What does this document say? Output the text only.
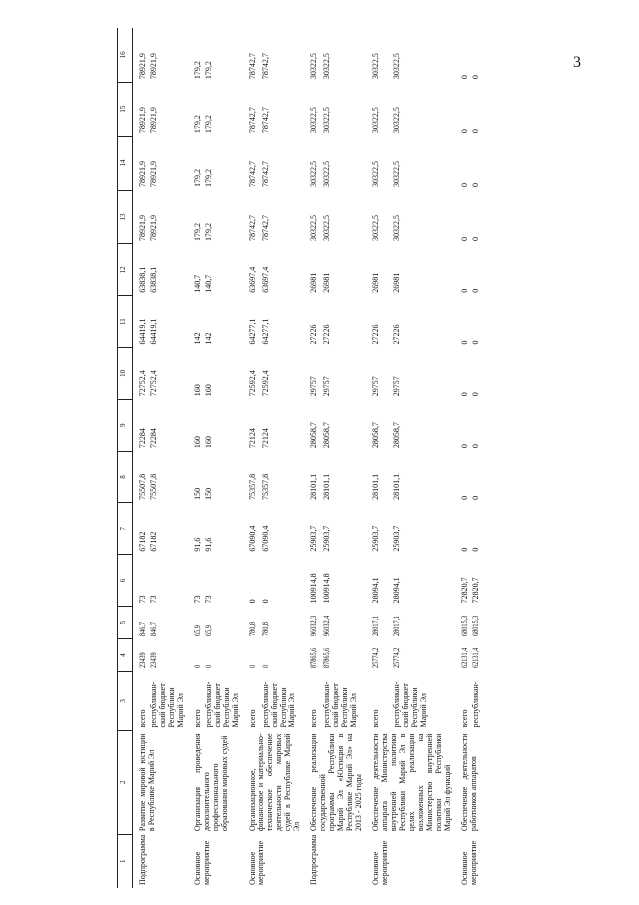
3
1	2	3	4	5	6	7	8	9	10	11	12	13	14	15	16
Подпрограмма	Развитие мировой юстиции в Республике Марий Эл	всего	23439	846,7	73	67182	75507,8	72284	72752,4	64419,1	63838,1	78921,9	78921,9	78921,9	78921,9
		республикан-ский бюджет Республики Марий Эл	23439	846,7	73	67182	75507,8	72284	72752,4	64419,1	63838,1	78921,9	78921,9	78921,9	78921,9
Основное мероприятие	Организация проведения дополнительного профессионального образования мировых судей	всего	0	65,9	73	91,6	150	160	160	142	140,7	179,2	179,2	179,2	179,2
		республикан-ский бюджет Республики Марий Эл	0	65,9	73	91,6	150	160	160	142	140,7	179,2	179,2	179,2	179,2
Основное мероприятие	Организационное, финансовое и материально-техническое обеспечение деятельности мировых судей в Республике Марий Эл	всего	0	780,8	0	67090,4	75357,8	72124	72592,4	64277,1	63697,4	78742,7	78742,7	78742,7	78742,7
		республикан-ский бюджет Республики Марий Эл	0	780,8	0	67090,4	75357,8	72124	72592,4	64277,1	63697,4	78742,7	78742,7	78742,7	78742,7
Подпрограмма	Обеспечение реализации государственной программы Республики Марий Эл «Юстиция в Республике Марий Эл» на 2013 - 2025 годы	всего	87865,6	96032,3	100914,8	25903,7	28101,1	28058,7	29757	27226	26981	30322,5	30322,5	30322,5	30322,5
		республикан-ский бюджет Республики Марий Эл	87865,6	96032,4	100914,8	25903,7	28101,1	28058,7	29757	27226	26981	30322,5	30322,5	30322,5	30322,5
Основное мероприятие	Обеспечение деятельности аппарата Министерства внутренней политики Республики Марий Эл в целях реализации возложенных на Министерство внутренней политики Республики Марий Эл функций	всего	25774,2	28017,1	28094,1	25903,7	28101,1	28058,7	29757	27226	26981	30322,5	30322,5	30322,5	30322,5
		республикан-ский бюджет Республики Марий Эл	25774,2	28017,1	28094,1	25903,7	28101,1	28058,7	29757	27226	26981	30322,5	30322,5	30322,5	30322,5
Основное мероприятие	Обеспечение деятельности работников аппаратов	всего	62131,4	68015,3	72820,7	0	0	0	0	0	0	0	0	0	0
		республикан-	62131,4	68015,3	72820,7	0	0	0	0	0	0	0	0	0	0
